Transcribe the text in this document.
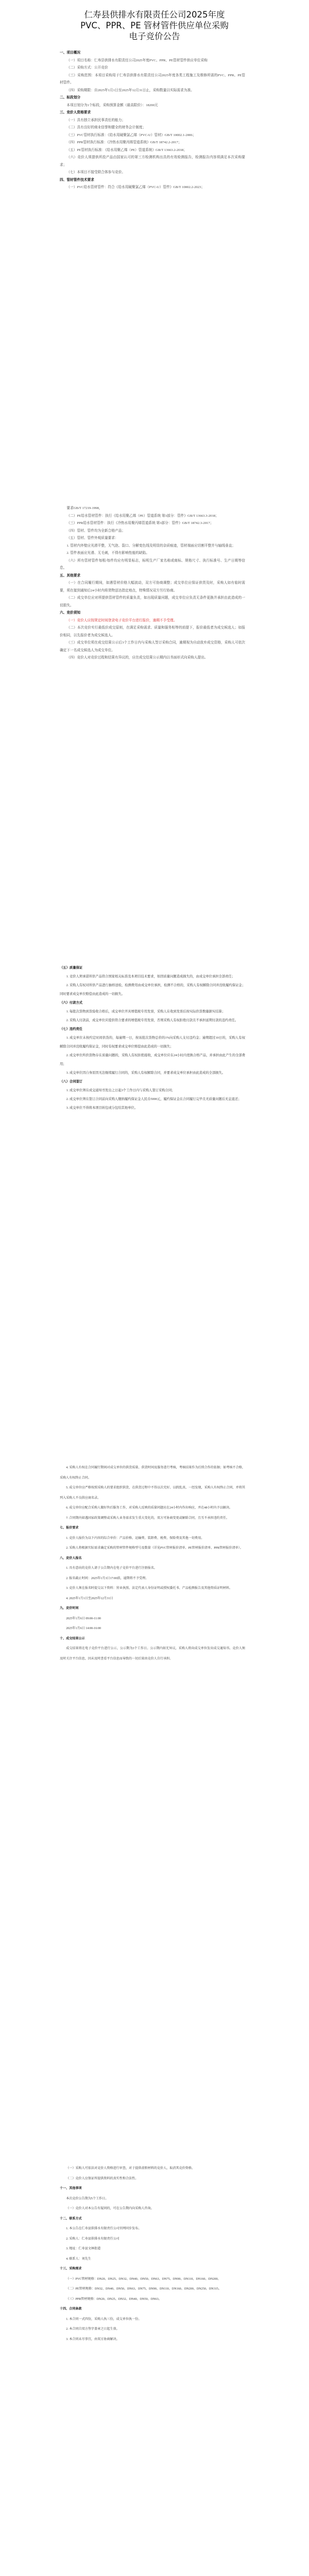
仁寿县供排水有限责任公司2025年度
PVC、PPR、PE 管材管件供应单位采购
电子竞价公告
一、项目概况
（一）项目名称：仁寿县供排水有限责任公司2025年度PVC、PPR、PE管材管件供应单位采购
（二）采购方式：公开竞价
（三）采购范围：本项目采购用于仁寿县供排水有限责任公司2025年度各类工程施工及维修所需的PVC、PPR、PE管材管件。
（四）采购期限：自2025年1月1日至2025年12月31日止，采购数量以实际需求为准。
二、标段划分
本项目划分为1个标段，采购预算金额（最高限价）：18200元
三、竞价人资格要求
（一）具有独立承担民事责任的能力；
（二）具有良好的商业信誉和健全的财务会计制度；
（三）PVC管材执行标准：《给水用硬聚氯乙烯（PVC-U）管材》GB/T 10002.1-2006；
（四）PPR管材执行标准：《冷热水用聚丙烯管道系统》GB/T 18742.2-2017；
（五）PE管材执行标准：《给水用聚乙烯（PE）管道系统》GB/T 13663.2-2018；
（六）竞价人须提供所投产品由国家认可的第三方检测机构出具的有效检测报告，检测报告内容须满足本次采购要求；
（七）本项目不接受联合体参与竞价。
四、管材管件技术要求
（一）PVC给水管材管件：符合《给水用硬聚氯乙烯（PVC-U）管件》GB/T 10002.2-2023；
要求GB/T 17219-1998，
（二）PE给水管材管件：执行《给水用聚乙烯（PE）管道系统 第3部分：管件》GB/T 13663.3-2018；
（三）PPR给水管材管件：执行《冷热水用聚丙烯管道系统 第3部分：管件》GB/T 18742.3-2017；
（四）管材、管件均为全新合格产品；
（五）管材、管件外观质量要求：
1. 管材内外壁应光滑平整，无气泡、裂口、分解变色线及明显的杂质痕迹，管材端面应切割平整并与轴线垂直；
2. 管件表面应光滑、无毛刺，不得有影响性能的缺陷。
（六）所有管材管件每根/每件均应有明显标志，标明生产厂家名称或商标、规格尺寸、执行标准号、生产日期等信息。
五、其他要求
（一）在合同履行期间，如遇管材价格大幅波动，双方可协商调整；成交单位应保证供货及时，采购人如有临时需要，须在接到通知后24小时内将货物送达指定地点，特殊情况双方另行协商。
（二）成交单位应对所提供管材管件的质量负责，如出现质量问题，成交单位应负责无条件更换并承担由此造成的一切损失。
六、竞价须知
（一）竞价人应按规定时间登录电子竞价平台进行报价，逾期不予受理。
（二）本次竞价实行最低价成交原则，在满足采购需求、质量和服务相等的前提下，报价最低者为成交候选人；如报价相同，以先报价者为成交候选人。
（三）成交单位须在成交结果公示后3个工作日内与采购人签订采购合同，逾期视为自动放弃成交资格，采购人可依次确定下一名成交候选人为成交单位。
（四）竞价人对竞价过程和结果有异议的，应在成交结果公示期内以书面形式向采购人提出。
（五）质量保证
1. 竞价人须承诺所供产品符合国家相关标准及本项目技术要求，如因质量问题造成损失的，由成交单位承担全部责任；
2. 采购人有权对所供产品进行抽样送检，检测费用由成交单位承担，检测不合格的，采购人有权解除合同并没收履约保证金；同时要求成交单位赔偿由此造成的一切损失。
（六）付款方式
1. 每批次货物到货验收合格后，成交单位开具增值税专用发票，采购人在收到发票后按实际供货数量据实结算；
2. 采购人付款前，成交单位应提供符合要求的增值税专用发票，否则采购人有权拒绝付款且不承担延期付款的违约责任。
（七）违约责任
1. 成交单位未按约定时间供货的，每逾期一日，按该批次货物总价的1%向采购人支付违约金；逾期超过10日的，采购人有权解除合同并没收履约保证金，同时有权要求成交单位赔偿由此造成的一切损失；
2. 成交单位所供货物存在质量问题的，采购人有权拒绝接收，成交单位应在24小时内更换合格产品，并承担由此产生的全部费用；
3. 成交单位因自身原因无法继续履行合同的，采购人有权解除合同，并要求成交单位承担由此造成的全部损失。
（八）合同签订
1. 成交单位须在成交通知书发出之日起3个工作日内与采购人签订采购合同；
2. 成交单位须在签订合同前向采购人缴纳履约保证金人民币5000元，履约保证金在合同履行完毕且无质量问题后无息退还；
3. 成交单位不得将本项目转包或分包给其他单位。
4. 采购人有权在合同履行期间对成交单位的供货质量、供货时间及服务进行考核，考核结果作为后续合作的依据；如考核不合格，采购人有权终止合同。
5. 成交单位应严格按照采购人的要求组织供货，在供货过程中不得以次充好、以假乱真，一经发现，采购人有权终止合同，并将其列入采购人不良供应商名录。
6. 成交单位应配合采购人做好售后服务工作，对采购人反映的质量问题应在24小时内作出响应，并在48小时内予以解决。
7. 合同期内如遇国家政策调整或采购人业务需求发生重大变化的，双方可协商变更或解除合同，且互不承担违约责任。
七、报价要求
1. 竞价人报价为以下内容的综合单价：产品价格、运输费、装卸费、税费、保险费及其他一切费用。
2. 采购人将根据实际需求确定采购的管材管件规格型号及数量（详见PVC管材报价清单、PE管材报价清单、PPR管材报价清单）。
八、竞价人报名
1. 具有意向的竞价人请于公告期内在电子竞价平台进行注册报名。
2. 报名截止时间：2025年1月3日17:00前，逾期将不予受理。
3. 竞价人须在报名时提交以下资料：营业执照、法定代表人身份证明或授权委托书、产品检测报告及其他资质证明材料。
4. 2025年1月1日至2025年12月31日
九、竞价时间
2025年1月6日 09:00-11:00
2025年1月6日 14:00-16:00
十、成交结果公示
成交结果将在电子竞价平台进行公示，公示期为3个工作日。公示期内如无异议，采购人将向成交单位发出成交通知书。竞价人须及时关注平台信息，因未及时查看平台信息而导致的一切后果由竞价人自行承担。
（一）采购人可依法对竞价人资格进行审查，对于提供虚假材料的竞价人，取消其竞价资格。
（二）竞价人应保证所提供资料的真实性和合法性。
十一、其他事项
本次竞价公告期为5个工作日。
（一）竞价人对本公告有疑问的，可在公告期内向采购人咨询。
十二、联系方式
1. 本公告在仁寿县供排水有限责任公司官网同步发布。
2. 采购人：仁寿县供排水有限责任公司
3. 地址：仁寿县文林街道
4. 联系人：刘先生
十三、采购需求
（一）PVC管材规格：DN20、DN25、DN32、DN40、DN50、DN63、DN75、DN90、DN110、DN160、DN200。
（二）PE管材规格：DN32、DN40、DN50、DN63、DN75、DN90、DN110、DN160、DN200、DN250、DN315。
（三）PPR管材规格：DN20、DN25、DN32、DN40、DN50、DN63。
十四、合同条款
1. 本合同一式四份，采购人执三份，成交单位执一份。
2. 本合同自双方签字盖章之日起生效。
3. 本合同未尽事宜，由双方协商解决。
